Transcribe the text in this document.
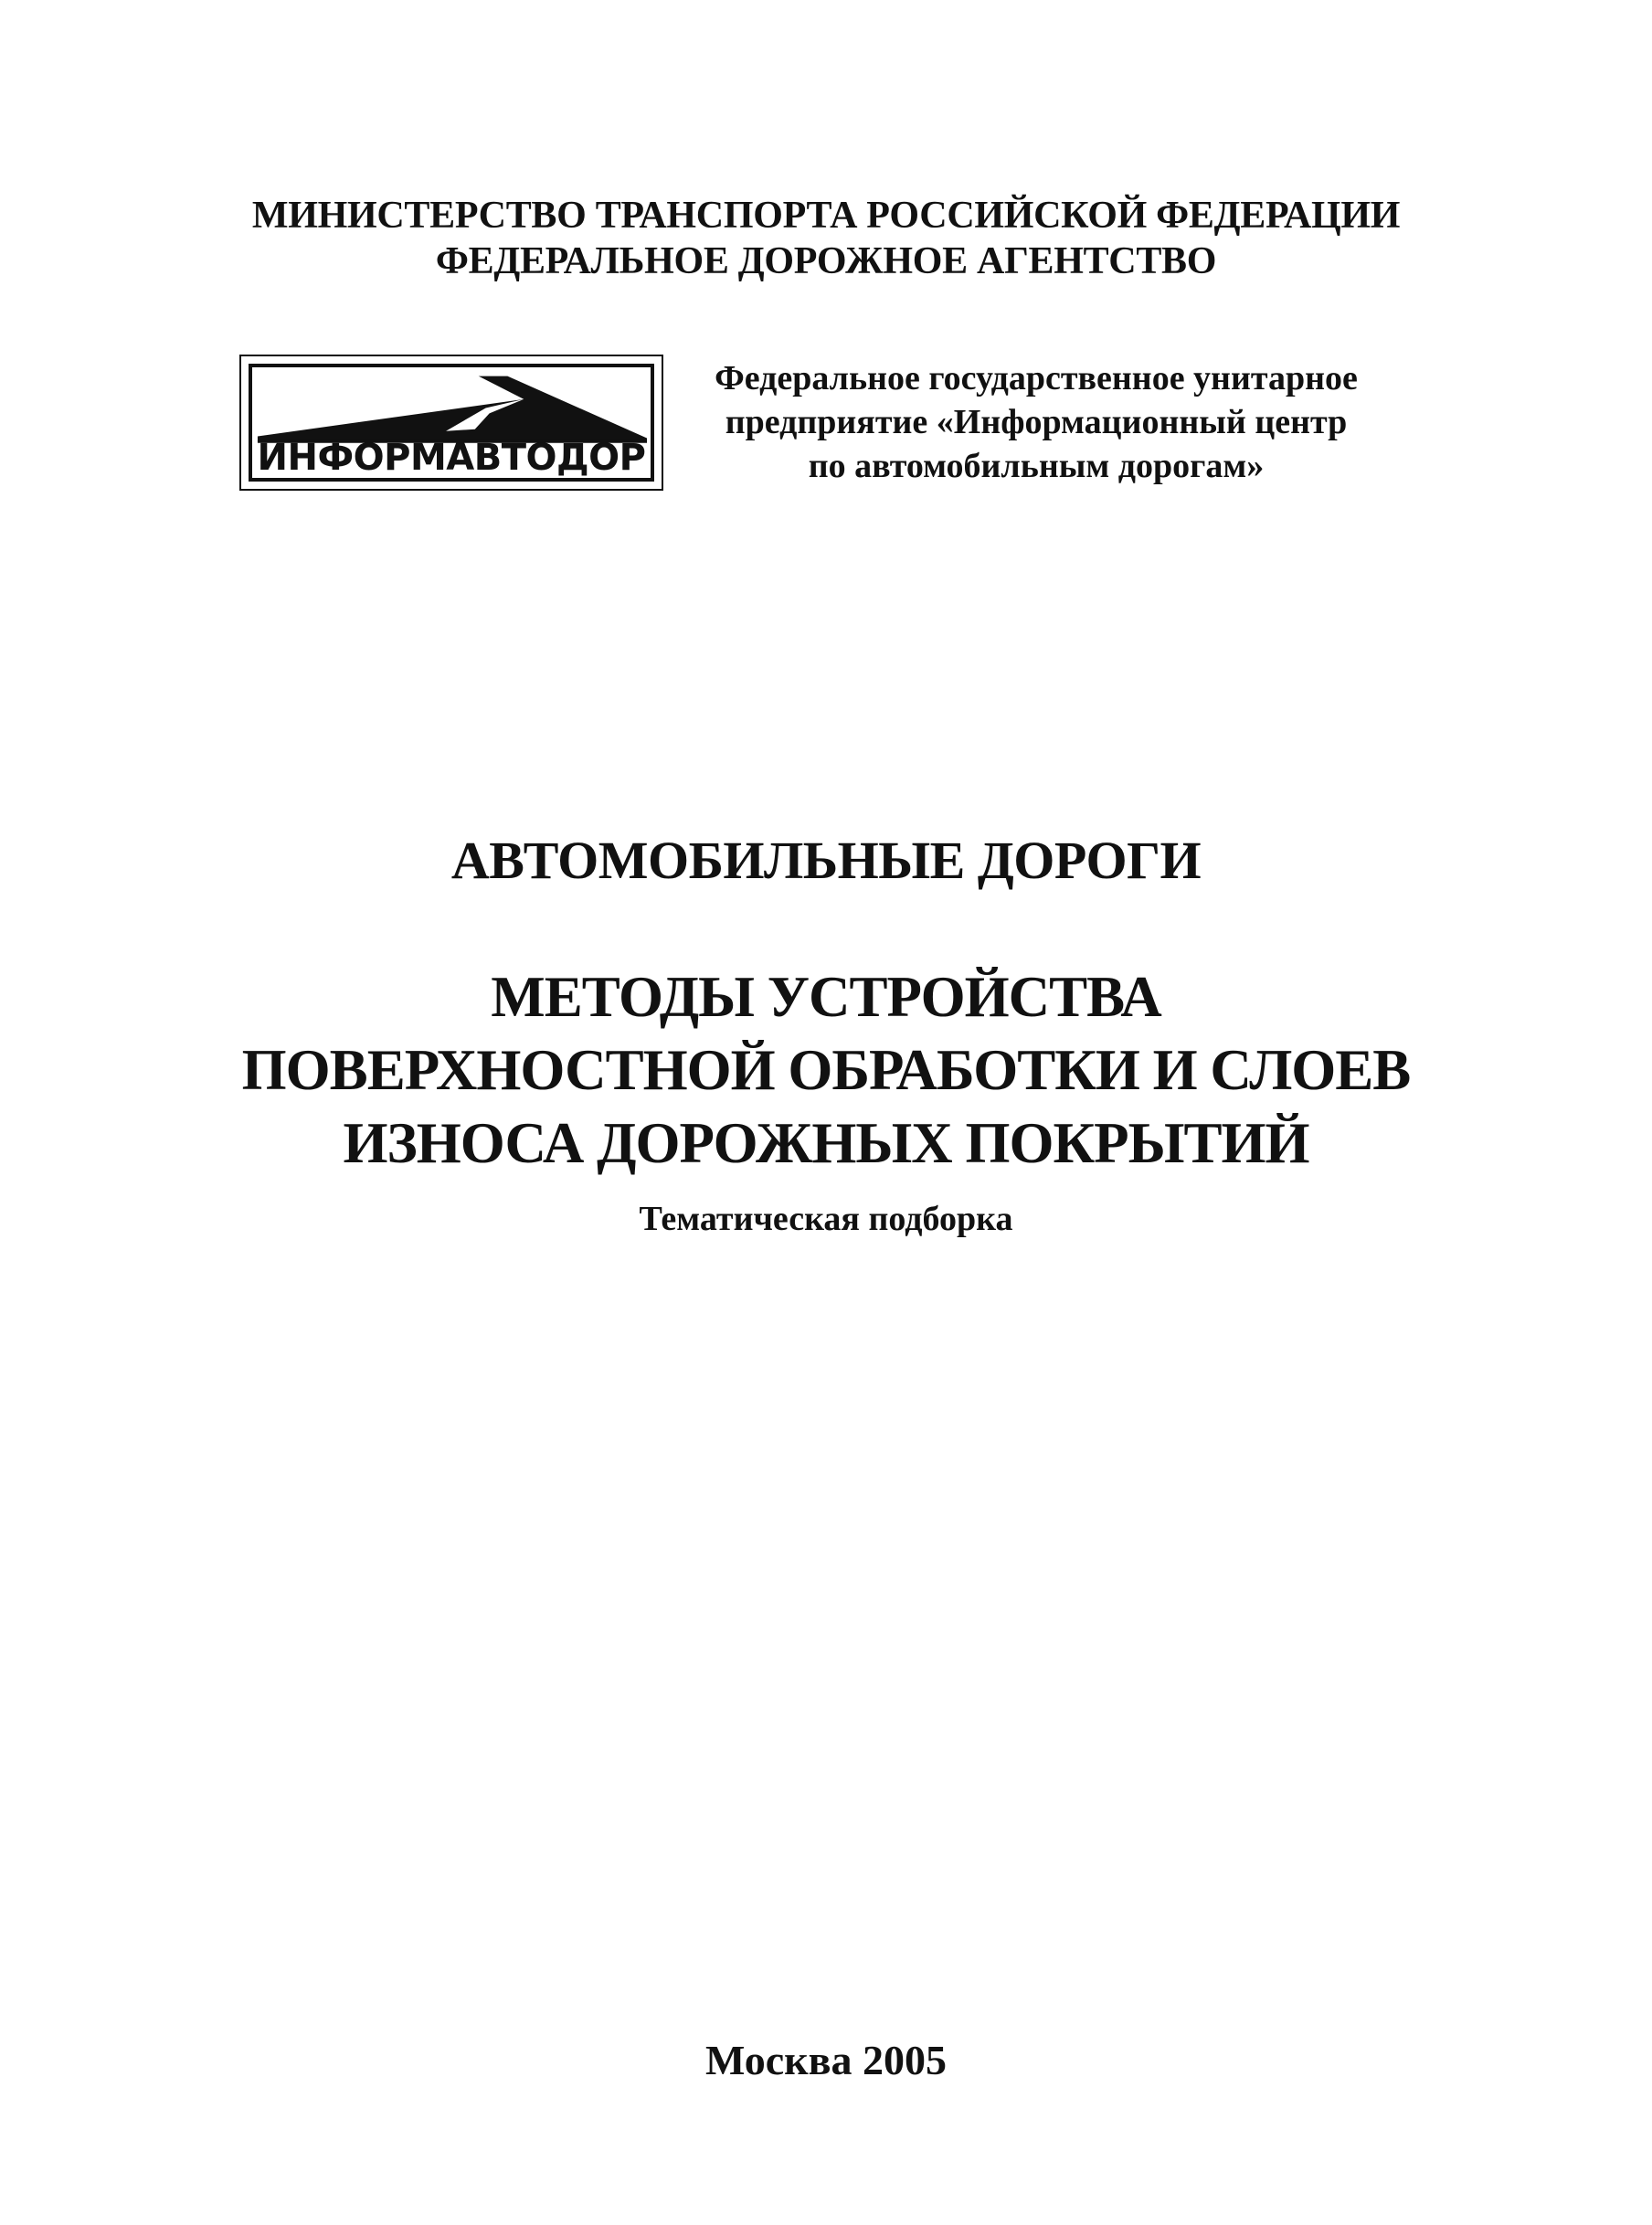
МИНИСТЕРСТВО ТРАНСПОРТА РОССИЙСКОЙ ФЕДЕРАЦИИ
ФЕДЕРАЛЬНОЕ ДОРОЖНОЕ АГЕНТСТВО
ИНФОРМАВТОДОР
Федеральное государственное унитарное
предприятие «Информационный центр
по автомобильным дорогам»
АВТОМОБИЛЬНЫЕ ДОРОГИ
МЕТОДЫ УСТРОЙСТВА
ПОВЕРХНОСТНОЙ ОБРАБОТКИ И СЛОЕВ
ИЗНОСА ДОРОЖНЫХ ПОКРЫТИЙ
Тематическая подборка
Москва 2005
